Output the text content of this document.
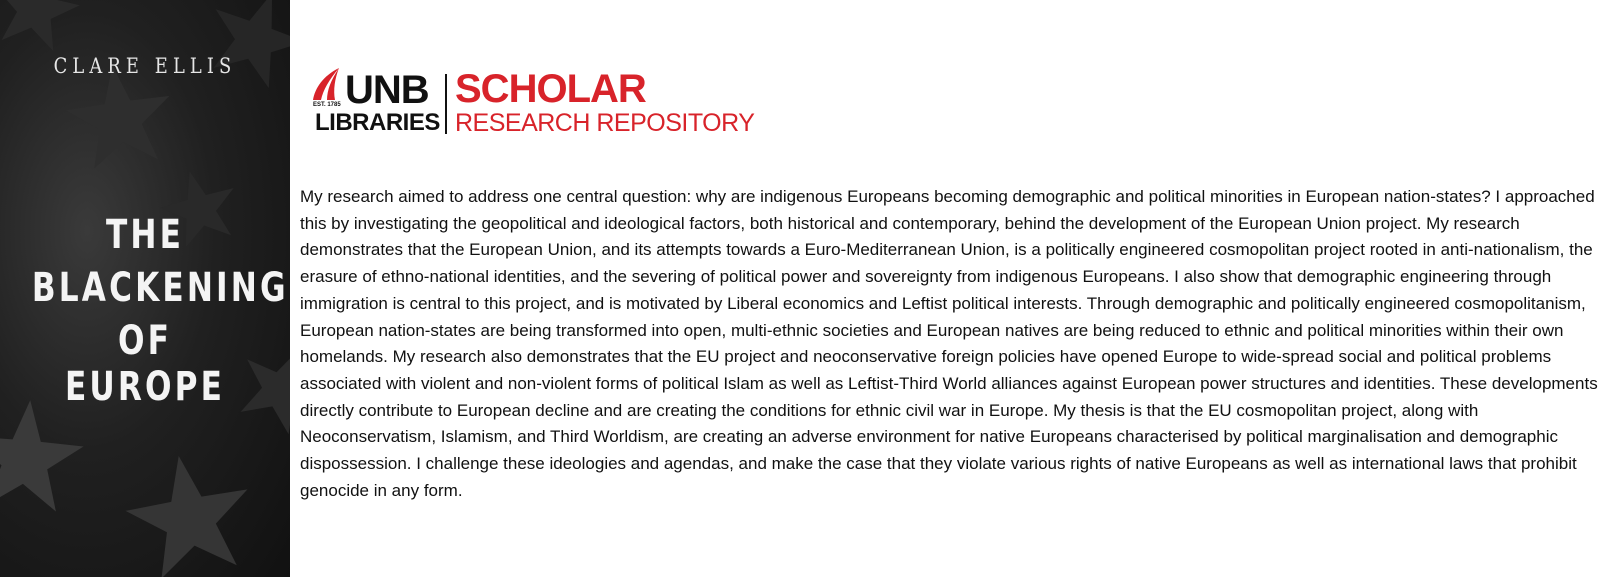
CLARE ELLIS
THE
BLACKENING
OF EUROPE
EST. 1785 UNB
LIBRARIES
SCHOLAR
RESEARCH REPOSITORY

My research aimed to address one central question: why are indigenous Europeans becoming demographic and political minorities in European nation-states? I approached this by investigating the geopolitical and ideological factors, both historical and contemporary, behind the development of the European Union project. My research demonstrates that the European Union, and its attempts towards a Euro-Mediterranean Union, is a politically engineered cosmopolitan project rooted in anti-nationalism, the erasure of ethno-national identities, and the severing of political power and sovereignty from indigenous Europeans. I also show that demographic engineering through immigration is central to this project, and is motivated by Liberal economics and Leftist political interests. Through demographic and politically engineered cosmopolitanism, European nation-states are being transformed into open, multi-ethnic societies and European natives are being reduced to ethnic and political minorities within their own homelands. My research also demonstrates that the EU project and neoconservative foreign policies have opened Europe to wide-spread social and political problems associated with violent and non-violent forms of political Islam as well as Leftist-Third World alliances against European power structures and identities. These developments directly contribute to European decline and are creating the conditions for ethnic civil war in Europe. My thesis is that the EU cosmopolitan project, along with Neoconservatism, Islamism, and Third Worldism, are creating an adverse environment for native Europeans characterised by political marginalisation and demographic dispossession. I challenge these ideologies and agendas, and make the case that they violate various rights of native Europeans as well as international laws that prohibit genocide in any form.
